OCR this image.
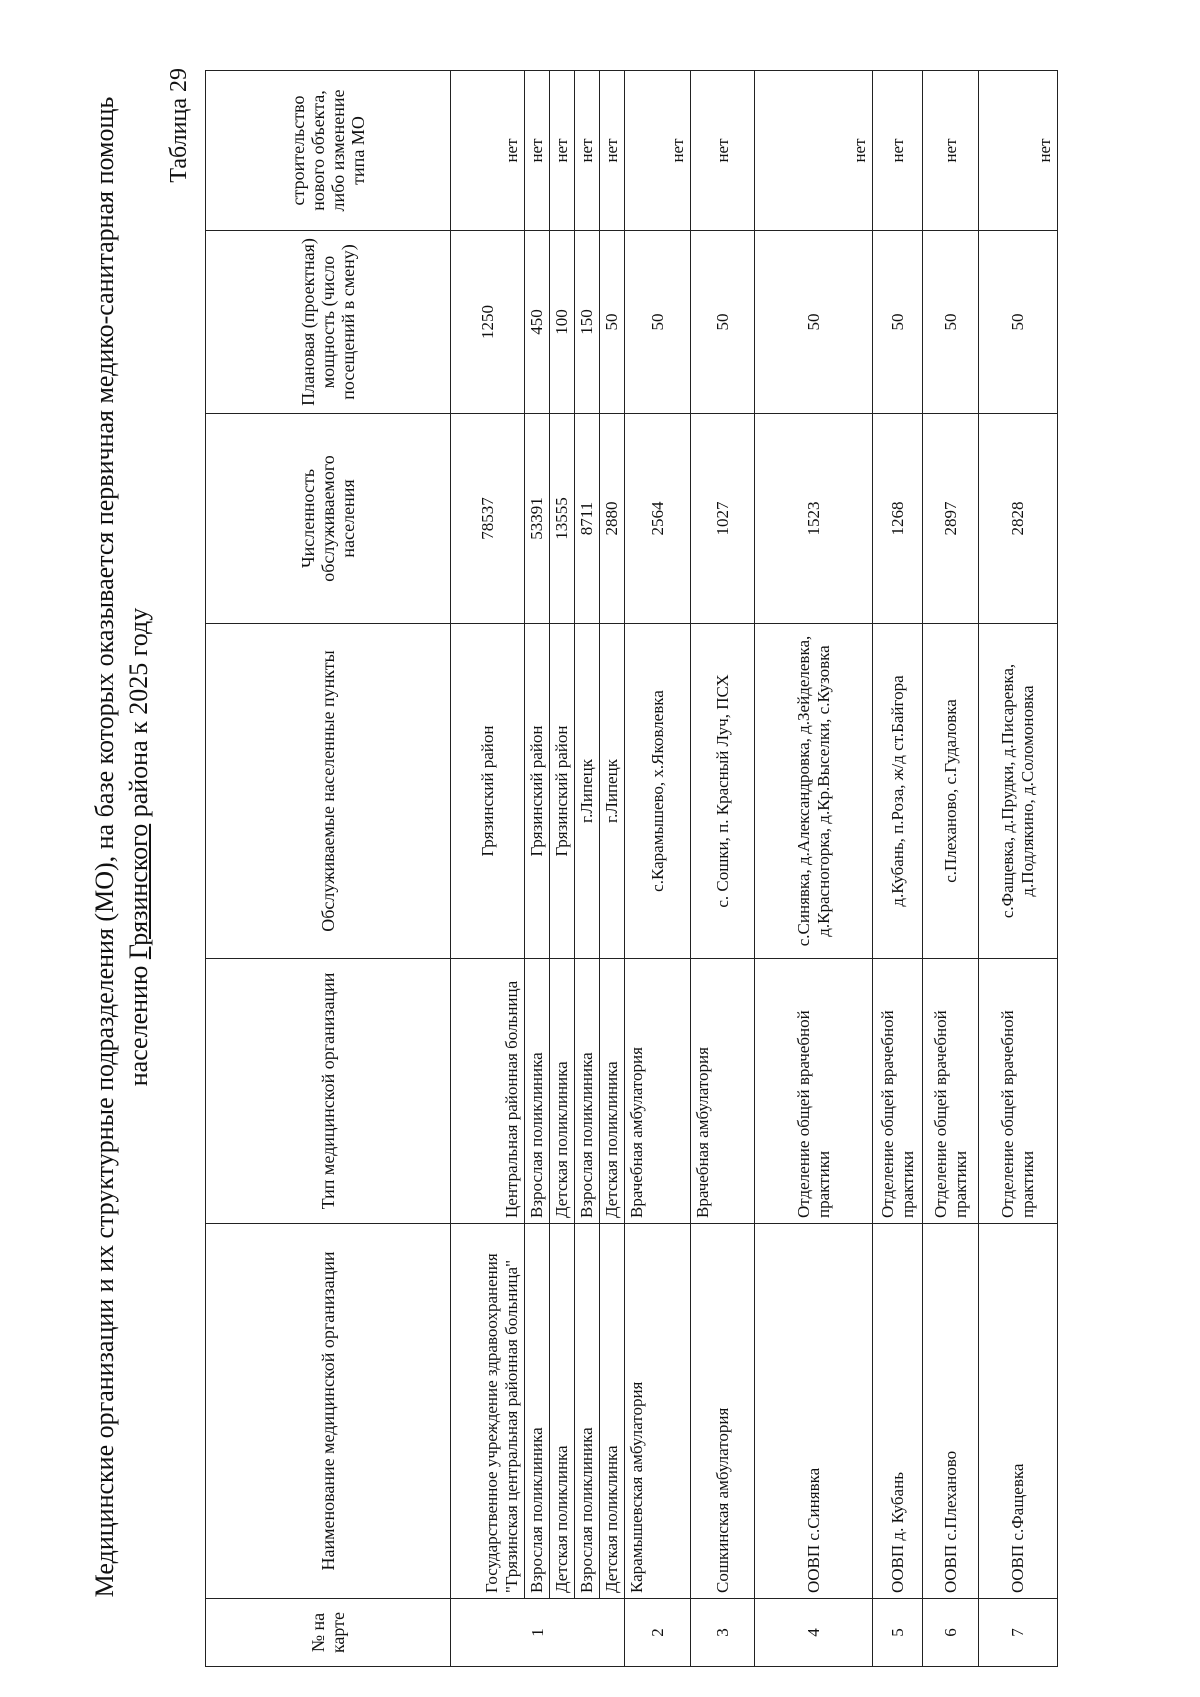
Медицинские организации и их структурные подразделения (МО), на базе которых оказывается первичная медико-санитарная помощь населению Грязинского района к 2025 году
Таблица 29
№ на карте	Наименование медицинской организации	Тип медицинской организации	Обслуживаемые населенные пункты	Численность обслуживаемого населения	Плановая (проектная) мощность (число посещений в смену)	строительство нового объекта, либо изменение типа МО
1	Государственное учреждение здравоохранения "Грязинская центральная районная больница"	Центральная районная больница	Грязинский район	78537	1250	нет
	Взрослая поликлиника	Взрослая поликлиника	Грязинский район	53391	450	нет
	Детская поликлинка	Детская поликлиника	Грязинский район	13555	100	нет
	Взрослая поликлиника	Взрослая поликлиника	г.Липецк	8711	150	нет
	Детская поликлинка	Детская поликлиника	г.Липецк	2880	50	нет
2	Карамышевская амбулатория	Врачебная амбулатория	с.Карамышево, х.Яковлевка	2564	50	нет
3	Сошкинская амбулатория	Врачебная амбулатория	с. Сошки, п. Красный Луч, ПСХ	1027	50	нет
4	ООВП с.Синявка	Отделение общей врачебной практики	с.Синявка, д.Александровка, д.Зейделевка, д.Красногорка, д.Кр.Выселки, с.Кузовка	1523	50	нет
5	ООВП д. Кубань	Отделение общей врачебной практики	д.Кубань, п.Роза, ж/д ст.Байгора	1268	50	нет
6	ООВП с.Плеханово	Отделение общей врачебной практики	с.Плеханово, с.Гудаловка	2897	50	нет
7	ООВП с.Фащевка	Отделение общей врачебной практики	с.Фащевка, д.Прудки, д.Писаревка, д.Подлякино, д.Соломоновка	2828	50	нет
